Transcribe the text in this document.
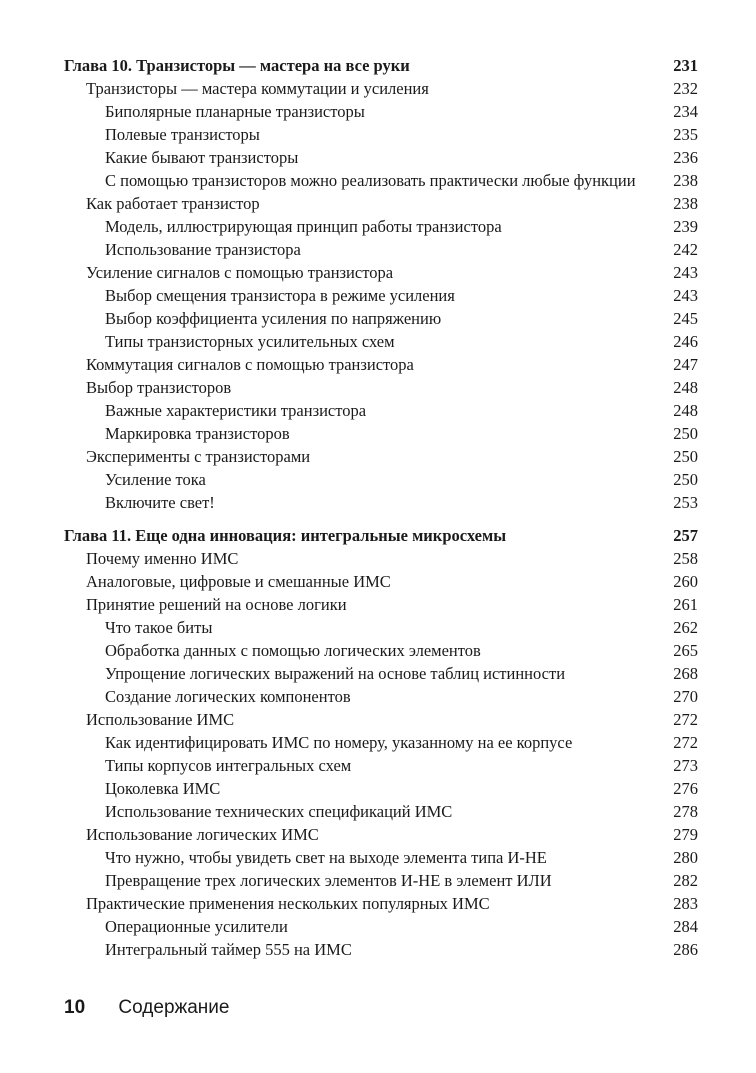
Глава 10. Транзисторы — мастера на все руки	231
Транзисторы — мастера коммутации и усиления	232
Биполярные планарные транзисторы	234
Полевые транзисторы	235
Какие бывают транзисторы	236
С помощью транзисторов можно реализовать практически любые функции 238
Как работает транзистор	238
Модель, иллюстрирующая принцип работы транзистора	239
Использование транзистора	242
Усиление сигналов с помощью транзистора	243
Выбор смещения транзистора в режиме усиления	243
Выбор коэффициента усиления по напряжению	245
Типы транзисторных усилительных схем	246
Коммутация сигналов с помощью транзистора	247
Выбор транзисторов	248
Важные характеристики транзистора	248
Маркировка транзисторов	250
Эксперименты с транзисторами	250
Усиление тока	250
Включите свет!	253
Глава 11. Еще одна инновация: интегральные микросхемы	257
Почему именно ИМС	258
Аналоговые, цифровые и смешанные ИМС	260
Принятие решений на основе логики	261
Что такое биты	262
Обработка данных с помощью логических элементов	265
Упрощение логических выражений на основе таблиц истинности	268
Создание логических компонентов	270
Использование ИМС	272
Как идентифицировать ИМС по номеру, указанному на ее корпусе	272
Типы корпусов интегральных схем	273
Цоколевка ИМС	276
Использование технических спецификаций ИМС	278
Использование логических ИМС	279
Что нужно, чтобы увидеть свет на выходе элемента типа И-НЕ	280
Превращение трех логических элементов И-НЕ в элемент ИЛИ	282
Практические применения нескольких популярных ИМС	283
Операционные усилители	284
Интегральный таймер 555 на ИМС	286
10 Содержание
